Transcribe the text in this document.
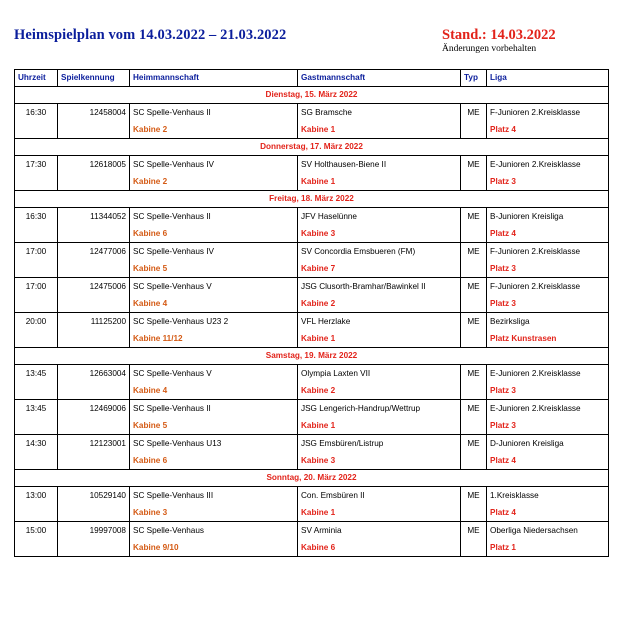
Heimspielplan vom 14.03.2022 – 21.03.2022	Stand.: 14.03.2022
Änderungen vorbehalten
Uhrzeit	Spielkennung	Heimmannschaft	Gastmannschaft	Typ	Liga
Dienstag, 15. März 2022					
16:30	12458004	SC Spelle-Venhaus II	SG Bramsche	ME	F-Junioren 2.Kreisklasse
		Kabine 2	Kabine 1		Platz 4
Donnerstag, 17. März 2022					
17:30	12618005	SC Spelle-Venhaus IV	SV Holthausen-Biene II	ME	E-Junioren 2.Kreisklasse
		Kabine 2	Kabine 1		Platz 3
Freitag, 18. März 2022					
16:30	11344052	SC Spelle-Venhaus II	JFV Haselünne	ME	B-Junioren Kreisliga
		Kabine 6	Kabine 3		Platz 4
17:00	12477006	SC Spelle-Venhaus IV	SV Concordia Emsbueren (FM)	ME	F-Junioren 2.Kreisklasse
		Kabine 5	Kabine 7		Platz 3
17:00	12475006	SC Spelle-Venhaus V	JSG Clusorth-Bramhar/Bawinkel II	ME	F-Junioren 2.Kreisklasse
		Kabine 4	Kabine 2		Platz 3
20:00	11125200	SC Spelle-Venhaus U23 2	VFL Herzlake	ME	Bezirksliga
		Kabine 11/12	Kabine 1		Platz Kunstrasen
Samstag, 19. März 2022					
13:45	12663004	SC Spelle-Venhaus V	Olympia Laxten VII	ME	E-Junioren 2.Kreisklasse
		Kabine 4	Kabine 2		Platz 3
13:45	12469006	SC Spelle-Venhaus II	JSG Lengerich-Handrup/Wettrup	ME	E-Junioren 2.Kreisklasse
		Kabine 5	Kabine 1		Platz 3
14:30	12123001	SC Spelle-Venhaus U13	JSG Emsbüren/Listrup	ME	D-Junioren Kreisliga
		Kabine 6	Kabine 3		Platz 4
Sonntag, 20. März 2022					
13:00	10529140	SC Spelle-Venhaus III	Con. Emsbüren II	ME	1.Kreisklasse
		Kabine 3	Kabine 1		Platz 4
15:00	19997008	SC Spelle-Venhaus	SV Arminia	ME	Oberliga Niedersachsen
		Kabine 9/10	Kabine 6		Platz 1
